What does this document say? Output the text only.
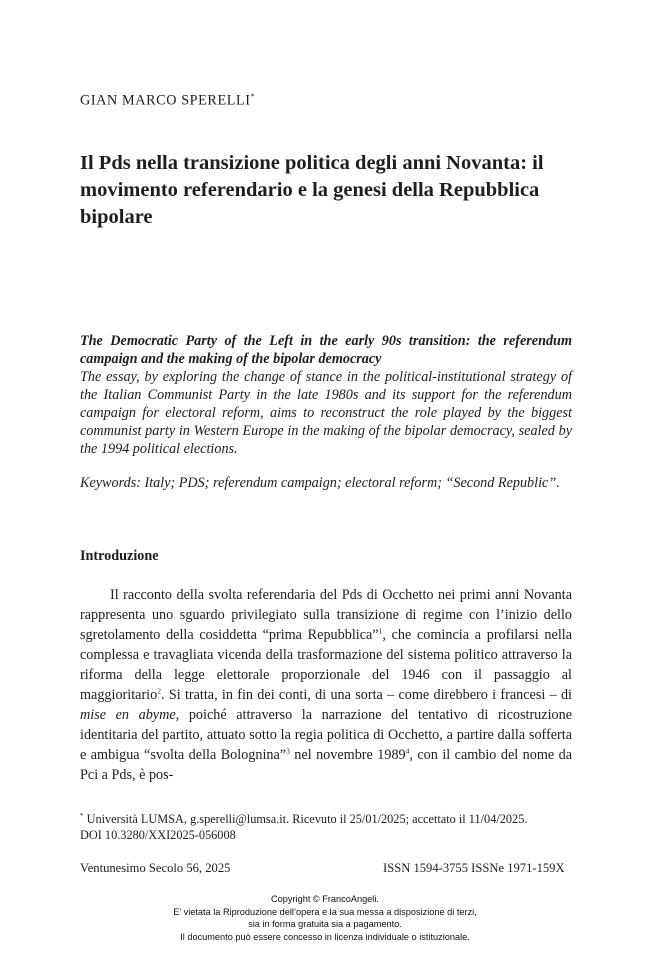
GIAN MARCO SPERELLI*
Il Pds nella transizione politica degli anni Novanta: il movimento referendario e la genesi della Repubblica bipolare
The Democratic Party of the Left in the early 90s transition: the referendum campaign and the making of the bipolar democracy
The essay, by exploring the change of stance in the political-institutional strategy of the Italian Communist Party in the late 1980s and its support for the referendum campaign for electoral reform, aims to reconstruct the role played by the biggest communist party in Western Europe in the making of the bipolar democracy, sealed by the 1994 political elections.
Keywords: Italy; PDS; referendum campaign; electoral reform; “Second Republic”.
Introduzione
Il racconto della svolta referendaria del Pds di Occhetto nei primi anni Novanta rappresenta uno sguardo privilegiato sulla transizione di regime con l’inizio dello sgretolamento della cosiddetta “prima Repubblica”$^1$, che comincia a profilarsi nella complessa e travagliata vicenda della trasformazione del sistema politico attraverso la riforma della legge elettorale proporzionale del 1946 con il passaggio al maggioritario$^2$. Si tratta, in fin dei conti, di una sorta – come direbbero i francesi – di mise en abyme, poiché attraverso la narrazione del tentativo di ricostruzione identitaria del partito, attuato sotto la regia politica di Occhetto, a partire dalla sofferta e ambigua “svolta della Bolognina”$^3$ nel novembre 1989$^4$, con il cambio del nome da Pci a Pds, è pos-
* Università LUMSA, g.sperelli@lumsa.it. Ricevuto il 25/01/2025; accettato il 11/04/2025.
DOI 10.3280/XXI2025-056008
Ventunesimo Secolo 56, 2025	ISSN 1594-3755 ISSNe 1971-159X
Copyright © FrancoAngeli.
E’ vietata la Riproduzione dell’opera e la sua messa a disposizione di terzi,
sia in forma gratuita sia a pagamento.
Il documento può essere concesso in licenza individuale o istituzionale.
